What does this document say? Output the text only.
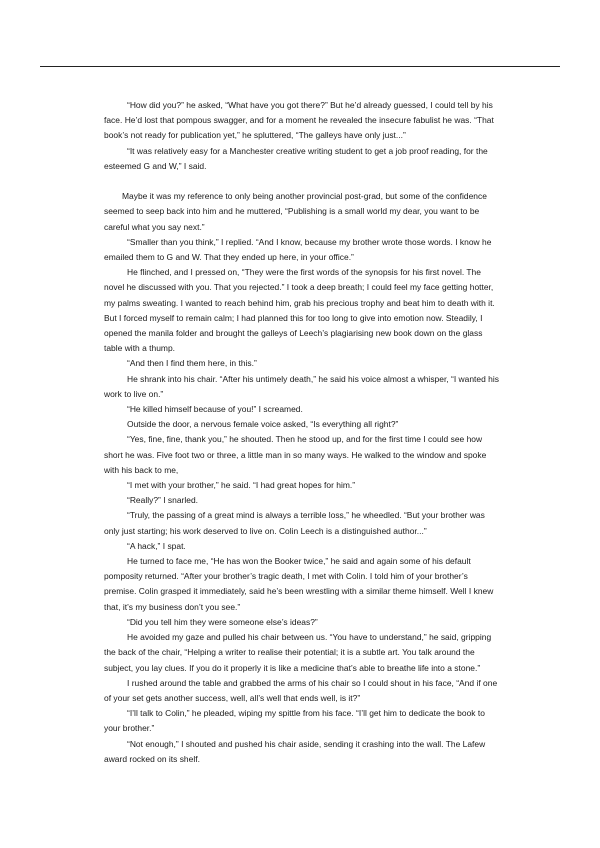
“How did you?” he asked, “What have you got there?” But he’d already guessed, I could tell by his face. He’d lost that pompous swagger, and for a moment he revealed the insecure fabulist he was. “That book’s not ready for publication yet,” he spluttered, “The galleys have only just...”

“It was relatively easy for a Manchester creative writing student to get a job proof reading, for the esteemed G and W,” I said.

Maybe it was my reference to only being another provincial post-grad, but some of the confidence seemed to seep back into him and he muttered, “Publishing is a small world my dear, you want to be careful what you say next.”

“Smaller than you think,” I replied. “And I know, because my brother wrote those words. I know he emailed them to G and W. That they ended up here, in your office.”

He flinched, and I pressed on, “They were the first words of the synopsis for his first novel. The novel he discussed with you. That you rejected.” I took a deep breath; I could feel my face getting hotter, my palms sweating. I wanted to reach behind him, grab his precious trophy and beat him to death with it. But I forced myself to remain calm; I had planned this for too long to give into emotion now. Steadily, I opened the manila folder and brought the galleys of Leech’s plagiarising new book down on the glass table with a thump.

“And then I find them here, in this.”

He shrank into his chair. “After his untimely death,” he said his voice almost a whisper, “I wanted his work to live on.”

“He killed himself because of you!” I screamed.

Outside the door, a nervous female voice asked, “Is everything all right?”

“Yes, fine, fine, thank you,” he shouted. Then he stood up, and for the first time I could see how short he was. Five foot two or three, a little man in so many ways. He walked to the window and spoke with his back to me,

“I met with your brother,” he said. “I had great hopes for him.”

“Really?” I snarled.

“Truly, the passing of a great mind is always a terrible loss,” he wheedled. “But your brother was only just starting; his work deserved to live on. Colin Leech is a distinguished author...”

“A hack,” I spat.

He turned to face me, “He has won the Booker twice,” he said and again some of his default pomposity returned. “After your brother’s tragic death, I met with Colin. I told him of your brother’s premise. Colin grasped it immediately, said he’s been wrestling with a similar theme himself. Well I knew that, it’s my business don’t you see.”

“Did you tell him they were someone else’s ideas?”

He avoided my gaze and pulled his chair between us. “You have to understand,” he said, gripping the back of the chair, “Helping a writer to realise their potential; it is a subtle art. You talk around the subject, you lay clues. If you do it properly it is like a medicine that’s able to breathe life into a stone.”

I rushed around the table and grabbed the arms of his chair so I could shout in his face, “And if one of your set gets another success, well, all’s well that ends well, is it?”

“I’ll talk to Colin,” he pleaded, wiping my spittle from his face. “I’ll get him to dedicate the book to your brother.”

“Not enough,” I shouted and pushed his chair aside, sending it crashing into the wall. The Lafew award rocked on its shelf.
